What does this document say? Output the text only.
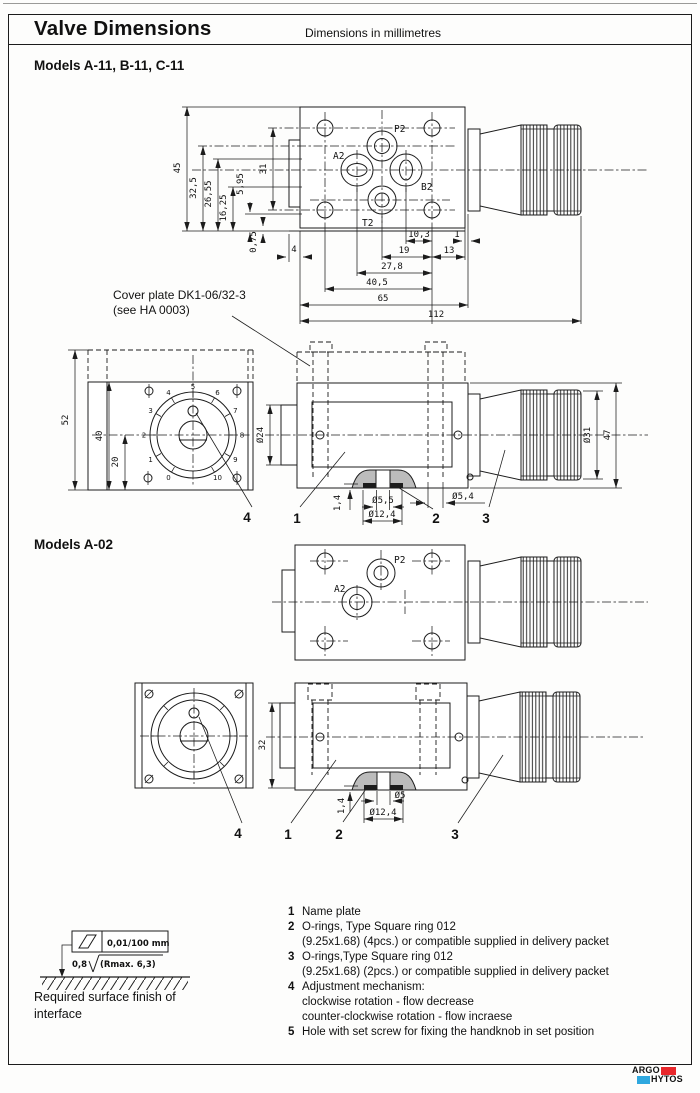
Valve Dimensions	Dimensions in millimetres
Models A-11, B-11, C-11
Models A-02
Cover plate DK1-06/32-3
(see HA 0003)
P2
A2
B2
T2
45
32,5 26,55
16,25
5,95
31
0,75	4
10,3	1
19	13
27,8
40,5
65
112
0
1
2
3
4
5
6
7
8
9
10
52
40
20
1,4	Ø5,5
Ø12,4
Ø5,4
Ø24	Ø31 47
4	1	2	3
P2
A2
32
1,4
Ø5
Ø12,4
4	1	2	3
0,01/100 mm
0,8 (Rmax. 6,3)
Required surface finish of
interface
1 Name plate
2 O-rings, Type Square ring 012
(9.25x1.68) (4pcs.) or compatible supplied in delivery packet
3 O-rings,Type Square ring 012
(9.25x1.68) (2pcs.) or compatible supplied in delivery packet
4 Adjustment mechanism:
clockwise rotation - flow decrease
counter-clockwise rotation - flow incraese
5 Hole with set screw for fixing the handknob in set position
ARGO
HYTOS
